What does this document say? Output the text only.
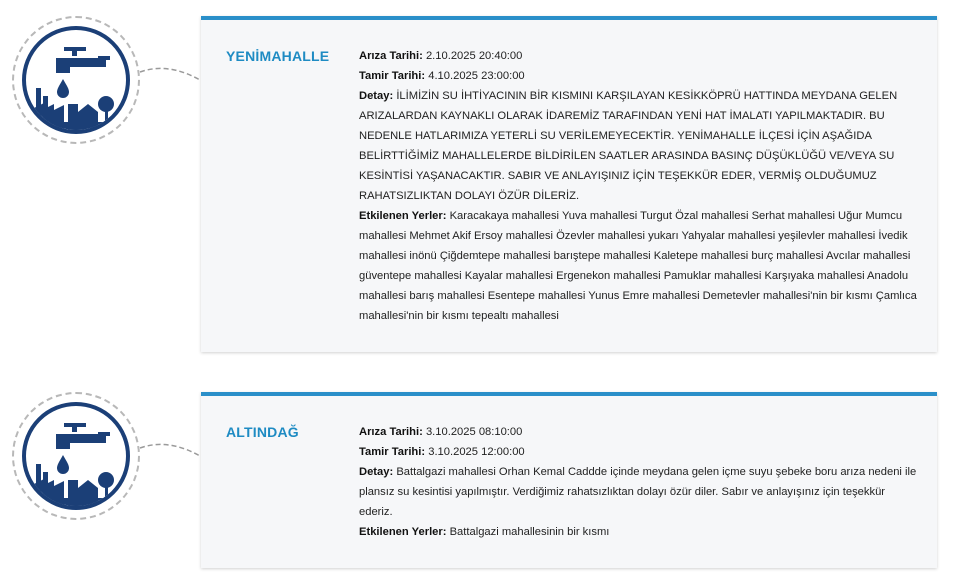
YENİMAHALLE	Arıza Tarihi: 2.10.2025 20:40:00
Tamir Tarihi: 4.10.2025 23:00:00
Detay: İLİMİZİN SU İHTİYACININ BİR KISMINI KARŞILAYAN KESİKKÖPRÜ HATTINDA MEYDANA GELEN ARIZALARDAN KAYNAKLI OLARAK İDAREMİZ TARAFINDAN YENİ HAT İMALATI YAPILMAKTADIR. BU NEDENLE HATLARIMIZA YETERLİ SU VERİLEMEYECEKTİR. YENİMAHALLE İLÇESİ İÇİN AŞAĞIDA BELİRTTİĞİMİZ MAHALLELERDE BİLDİRİLEN SAATLER ARASINDA BASINÇ DÜŞÜKLÜĞÜ VE/VEYA SU KESİNTİSİ YAŞANACAKTIR. SABIR VE ANLAYIŞINIZ İÇİN TEŞEKKÜR EDER, VERMİŞ OLDUĞUMUZ RAHATSIZLIKTAN DOLAYI ÖZÜR DİLERİZ.
Etkilenen Yerler: Karacakaya mahallesi Yuva mahallesi Turgut Özal mahallesi Serhat mahallesi Uğur Mumcu mahallesi Mehmet Akif Ersoy mahallesi Özevler mahallesi yukarı Yahyalar mahallesi yeşilevler mahallesi İvedik mahallesi inönü Çiğdemtepe mahallesi barıştepe mahallesi Kaletepe mahallesi burç mahallesi Avcılar mahallesi güventepe mahallesi Kayalar mahallesi Ergenekon mahallesi Pamuklar mahallesi Karşıyaka mahallesi Anadolu mahallesi barış mahallesi Esentepe mahallesi Yunus Emre mahallesi Demetevler mahallesi'nin bir kısmı Çamlıca mahallesi'nin bir kısmı tepealtı mahallesi
ALTINDAĞ	Arıza Tarihi: 3.10.2025 08:10:00
Tamir Tarihi: 3.10.2025 12:00:00
Detay: Battalgazi mahallesi Orhan Kemal Caddde içinde meydana gelen içme suyu şebeke boru arıza nedeni ile plansız su kesintisi yapılmıştır. Verdiğimiz rahatsızlıktan dolayı özür diler. Sabır ve anlayışınız için teşekkür ederiz.
Etkilenen Yerler: Battalgazi mahallesinin bir kısmı
